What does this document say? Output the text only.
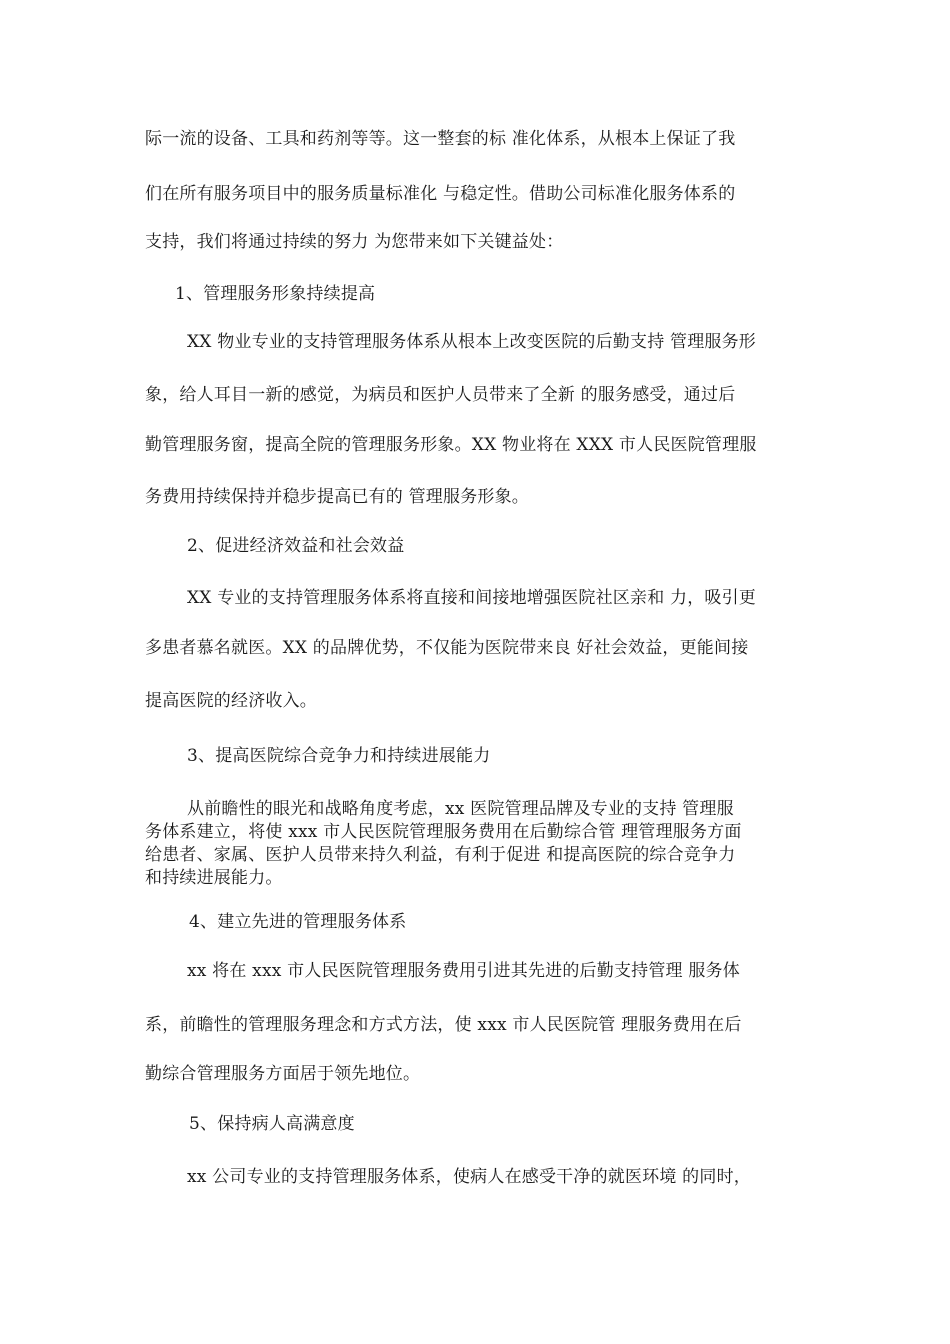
际一流的设备、工具和药剂等等。这一整套的标 准化体系，从根本上保证了我
们在所有服务项目中的服务质量标准化 与稳定性。借助公司标准化服务体系的
支持，我们将通过持续的努力 为您带来如下关键益处：
1、管理服务形象持续提高
XX 物业专业的支持管理服务体系从根本上改变医院的后勤支持 管理服务形
象，给人耳目一新的感觉，为病员和医护人员带来了全新 的服务感受，通过后
勤管理服务窗，提高全院的管理服务形象。XX 物业将在 XXX 市人民医院管理服
务费用持续保持并稳步提高已有的 管理服务形象。
2、促进经济效益和社会效益
XX 专业的支持管理服务体系将直接和间接地增强医院社区亲和 力，吸引更
多患者慕名就医。XX 的品牌优势，不仅能为医院带来良 好社会效益，更能间接
提高医院的经济收入。
3、提高医院综合竞争力和持续进展能力
从前瞻性的眼光和战略角度考虑，xx 医院管理品牌及专业的支持 管理服
务体系建立，将使 xxx 市人民医院管理服务费用在后勤综合管 理管理服务方面
给患者、家属、医护人员带来持久利益，有利于促进 和提高医院的综合竞争力
和持续进展能力。
4、建立先进的管理服务体系
xx 将在 xxx 市人民医院管理服务费用引进其先进的后勤支持管理 服务体
系，前瞻性的管理服务理念和方式方法，使 xxx 市人民医院管 理服务费用在后
勤综合管理服务方面居于领先地位。
5、保持病人高满意度
xx 公司专业的支持管理服务体系，使病人在感受干净的就医环境 的同时，
